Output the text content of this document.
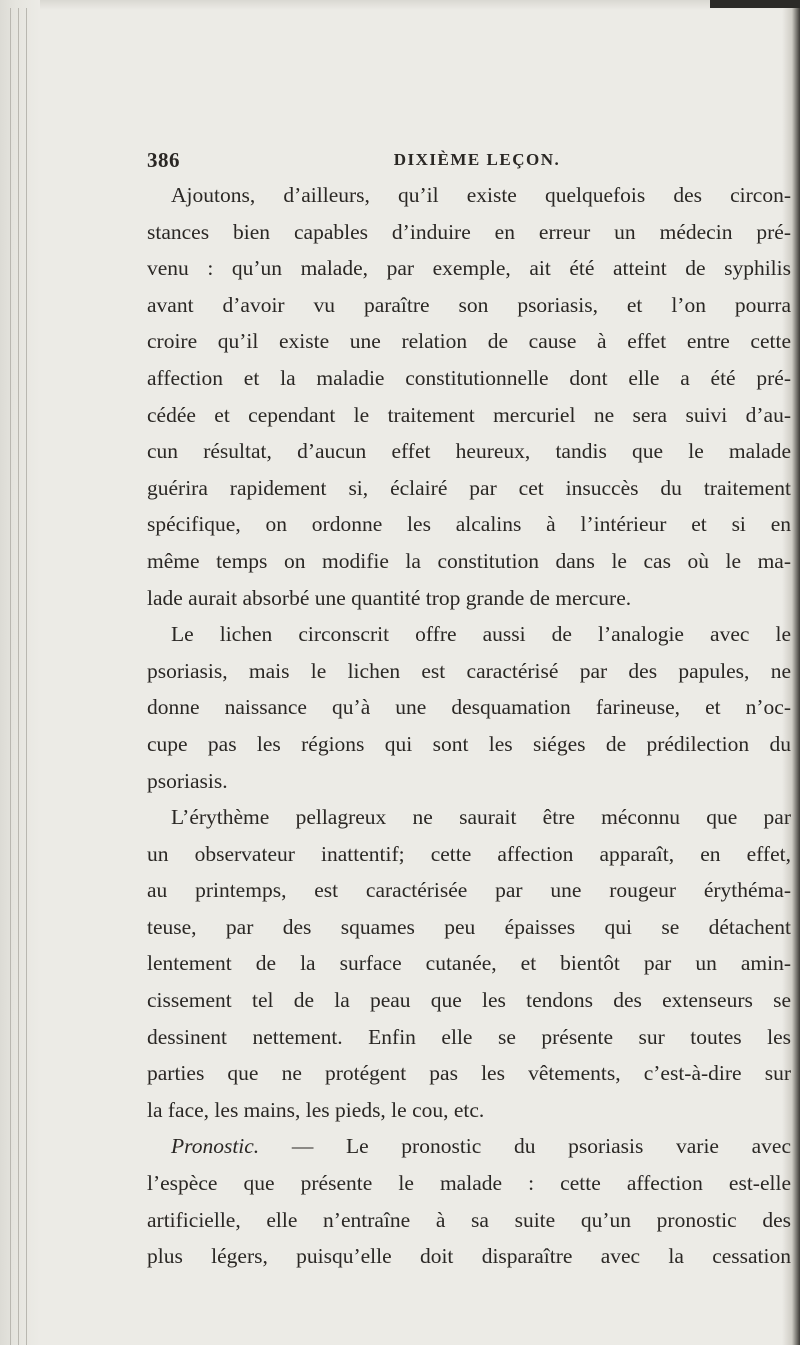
386	DIXIÈME LEÇON.
Ajoutons, d’ailleurs, qu’il existe quelquefois des circon-
stances bien capables d’induire en erreur un médecin pré-
venu : qu’un malade, par exemple, ait été atteint de syphilis
avant d’avoir vu paraître son psoriasis, et l’on pourra
croire qu’il existe une relation de cause à effet entre cette
affection et la maladie constitutionnelle dont elle a été pré-
cédée et cependant le traitement mercuriel ne sera suivi d’au-
cun résultat, d’aucun effet heureux, tandis que le malade
guérira rapidement si, éclairé par cet insuccès du traitement
spécifique, on ordonne les alcalins à l’intérieur et si en
même temps on modifie la constitution dans le cas où le ma-
lade aurait absorbé une quantité trop grande de mercure.
Le lichen circonscrit offre aussi de l’analogie avec le
psoriasis, mais le lichen est caractérisé par des papules, ne
donne naissance qu’à une desquamation farineuse, et n’oc-
cupe pas les régions qui sont les siéges de prédilection du
psoriasis.
L’érythème pellagreux ne saurait être méconnu que par
un observateur inattentif; cette affection apparaît, en effet,
au printemps, est caractérisée par une rougeur érythéma-
teuse, par des squames peu épaisses qui se détachent
lentement de la surface cutanée, et bientôt par un amin-
cissement tel de la peau que les tendons des extenseurs se
dessinent nettement. Enfin elle se présente sur toutes les
parties que ne protégent pas les vêtements, c’est-à-dire sur
la face, les mains, les pieds, le cou, etc.
Pronostic. — Le pronostic du psoriasis varie avec
l’espèce que présente le malade : cette affection est-elle
artificielle, elle n’entraîne à sa suite qu’un pronostic des
plus légers, puisqu’elle doit disparaître avec la cessation
